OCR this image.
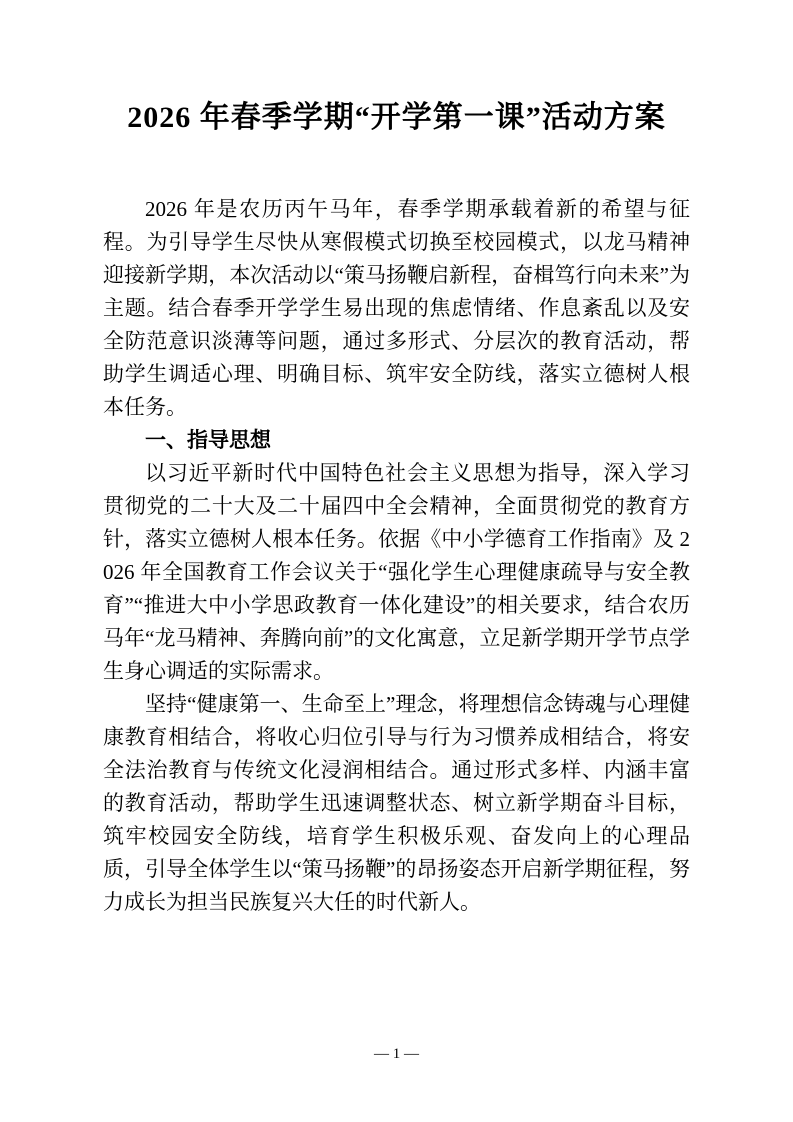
2026 年春季学期“开学第一课”活动方案

2026 年是农历丙午马年，春季学期承载着新的希望与征程。为引导学生尽快从寒假模式切换至校园模式，以龙马精神迎接新学期，本次活动以“策马扬鞭启新程，奋楫笃行向未来”为主题。结合春季开学学生易出现的焦虑情绪、作息紊乱以及安全防范意识淡薄等问题，通过多形式、分层次的教育活动，帮助学生调适心理、明确目标、筑牢安全防线，落实立德树人根本任务。

一、指导思想

以习近平新时代中国特色社会主义思想为指导，深入学习贯彻党的二十大及二十届四中全会精神，全面贯彻党的教育方针，落实立德树人根本任务。依据《中小学德育工作指南》及 2026 年全国教育工作会议关于“强化学生心理健康疏导与安全教育”“推进大中小学思政教育一体化建设”的相关要求，结合农历马年“龙马精神、奔腾向前”的文化寓意，立足新学期开学节点学生身心调适的实际需求。

坚持“健康第一、生命至上”理念，将理想信念铸魂与心理健康教育相结合，将收心归位引导与行为习惯养成相结合，将安全法治教育与传统文化浸润相结合。通过形式多样、内涵丰富的教育活动，帮助学生迅速调整状态、树立新学期奋斗目标，筑牢校园安全防线，培育学生积极乐观、奋发向上的心理品质，引导全体学生以“策马扬鞭”的昂扬姿态开启新学期征程，努力成长为担当民族复兴大任的时代新人。

— 1 —
